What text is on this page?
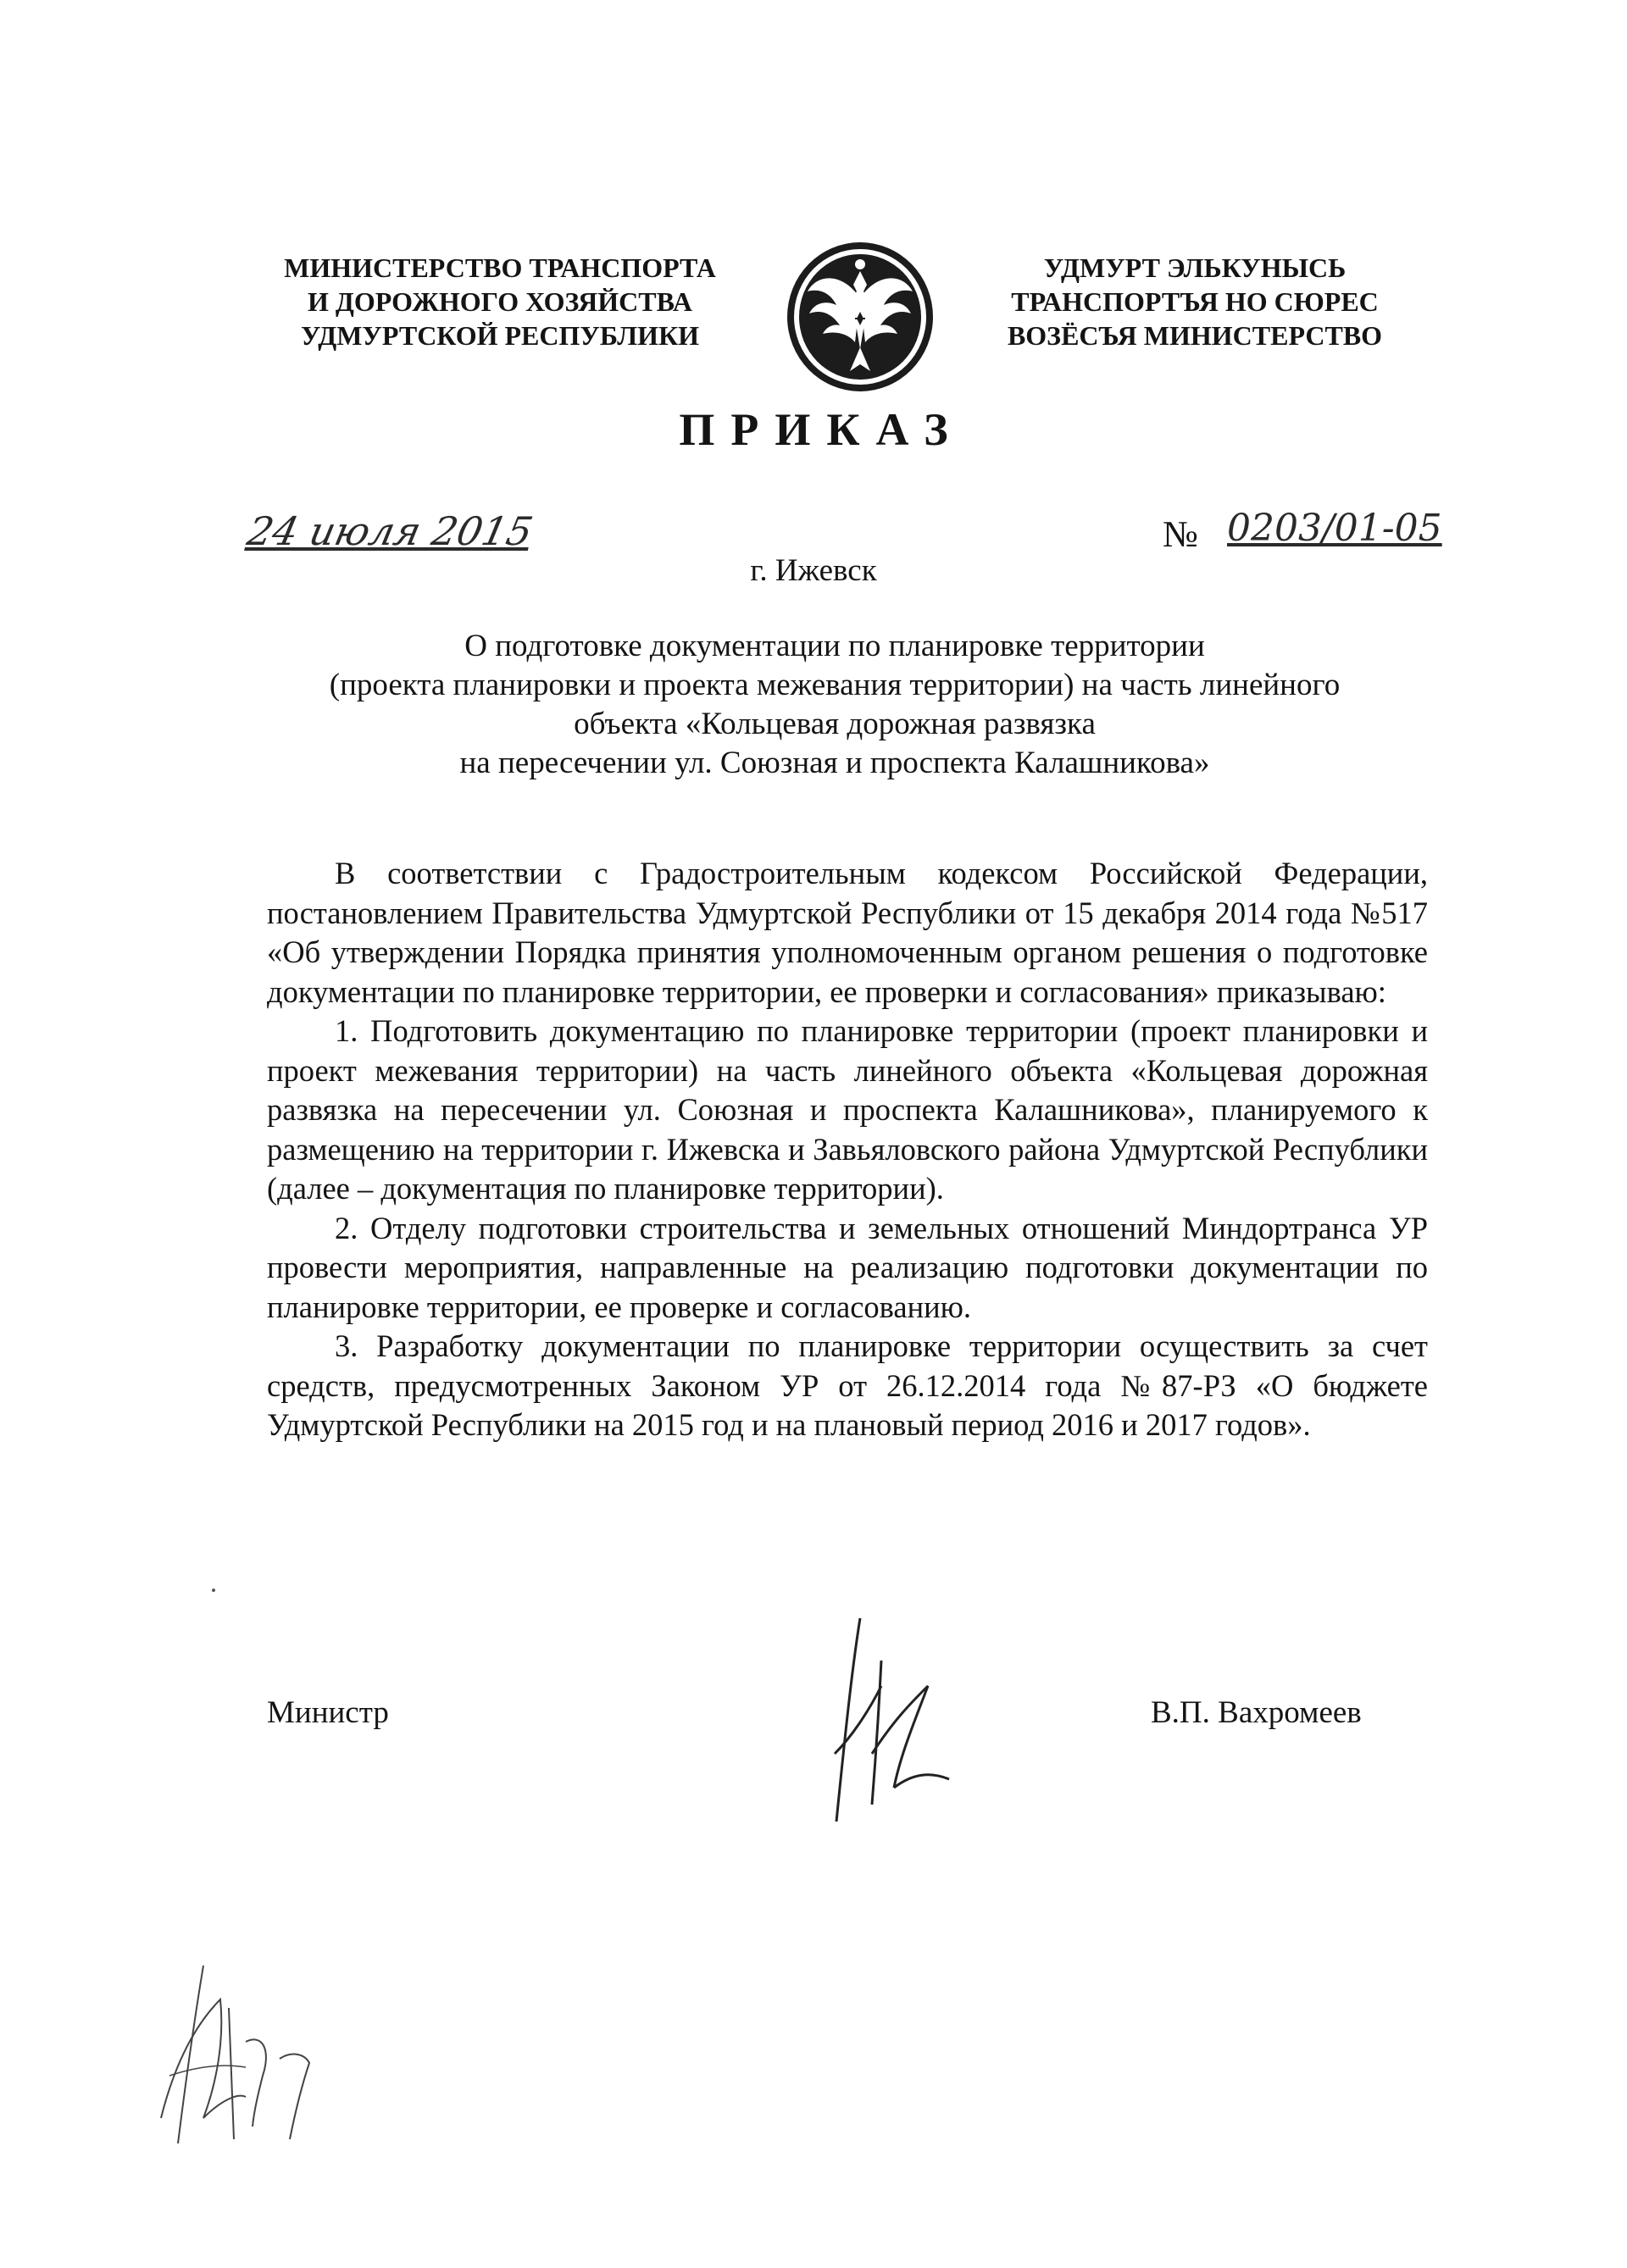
МИНИСТЕРСТВО ТРАНСПОРТА
И ДОРОЖНОГО ХОЗЯЙСТВА
УДМУРТСКОЙ РЕСПУБЛИКИ
УДМУРТ ЭЛЬКУНЫСЬ
ТРАНСПОРТЪЯ НО СЮРЕС
ВОЗЁСЪЯ МИНИСТЕРСТВО
ПРИКАЗ
24 июля 2015	№ 0203/01-05
г. Ижевск
О подготовке документации по планировке территории
(проекта планировки и проекта межевания территории) на часть линейного
объекта «Кольцевая дорожная развязка
на пересечении ул. Союзная и проспекта Калашникова»

В соответствии с Градостроительным кодексом Российской Федерации, постановлением Правительства Удмуртской Республики от 15 декабря 2014 года №517 «Об утверждении Порядка принятия уполномоченным органом решения о подготовке документации по планировке территории, ее проверки и согласования» приказываю:

1. Подготовить документацию по планировке территории (проект планировки и проект межевания территории) на часть линейного объекта «Кольцевая дорожная развязка на пересечении ул. Союзная и проспекта Калашникова», планируемого к размещению на территории г. Ижевска и Завьяловского района Удмуртской Республики (далее – документация по планировке территории).

2. Отделу подготовки строительства и земельных отношений Миндортранса УР провести мероприятия, направленные на реализацию подготовки документации по планировке территории, ее проверке и согласованию.

3. Разработку документации по планировке территории осуществить за счет средств, предусмотренных Законом УР от 26.12.2014 года №87-РЗ «О бюджете Удмуртской Республики на 2015 год и на плановый период 2016 и 2017 годов».

Министр	В.П. Вахромеев
